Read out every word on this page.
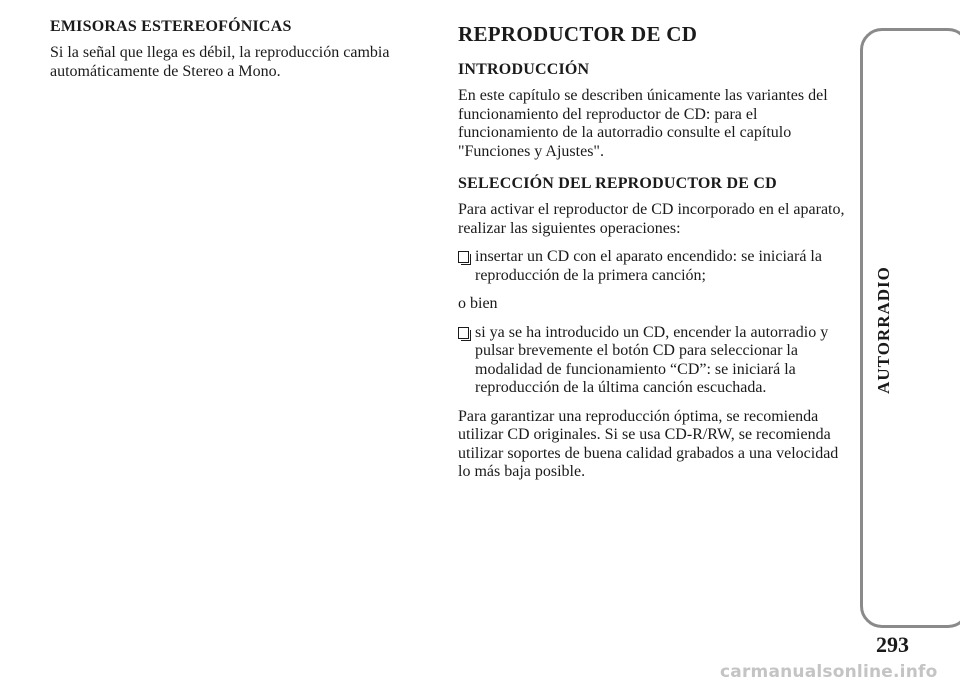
EMISORAS ESTEREOFÓNICAS

Si la señal que llega es débil, la reproducción cambia automáticamente de Stereo a Mono.

REPRODUCTOR DE CD
INTRODUCCIÓN

En este capítulo se describen únicamente las variantes del funcionamiento del reproductor de CD: para el funcionamiento de la autorradio consulte el capítulo "Funciones y Ajustes".

SELECCIÓN DEL REPRODUCTOR DE CD

Para activar el reproductor de CD incorporado en el aparato, realizar las siguientes operaciones:

insertar un CD con el aparato encendido: se iniciará la reproducción de la primera canción;

o bien

si ya se ha introducido un CD, encender la autorradio y pulsar brevemente el botón CD para seleccionar la modalidad de funcionamiento “CD”: se iniciará la reproducción de la última canción escuchada.

Para garantizar una reproducción óptima, se recomienda utilizar CD originales. Si se usa CD-R/RW, se recomienda utilizar soportes de buena calidad grabados a una velocidad lo más baja posible.

AUTORRADIO
293
carmanualsonline.info
